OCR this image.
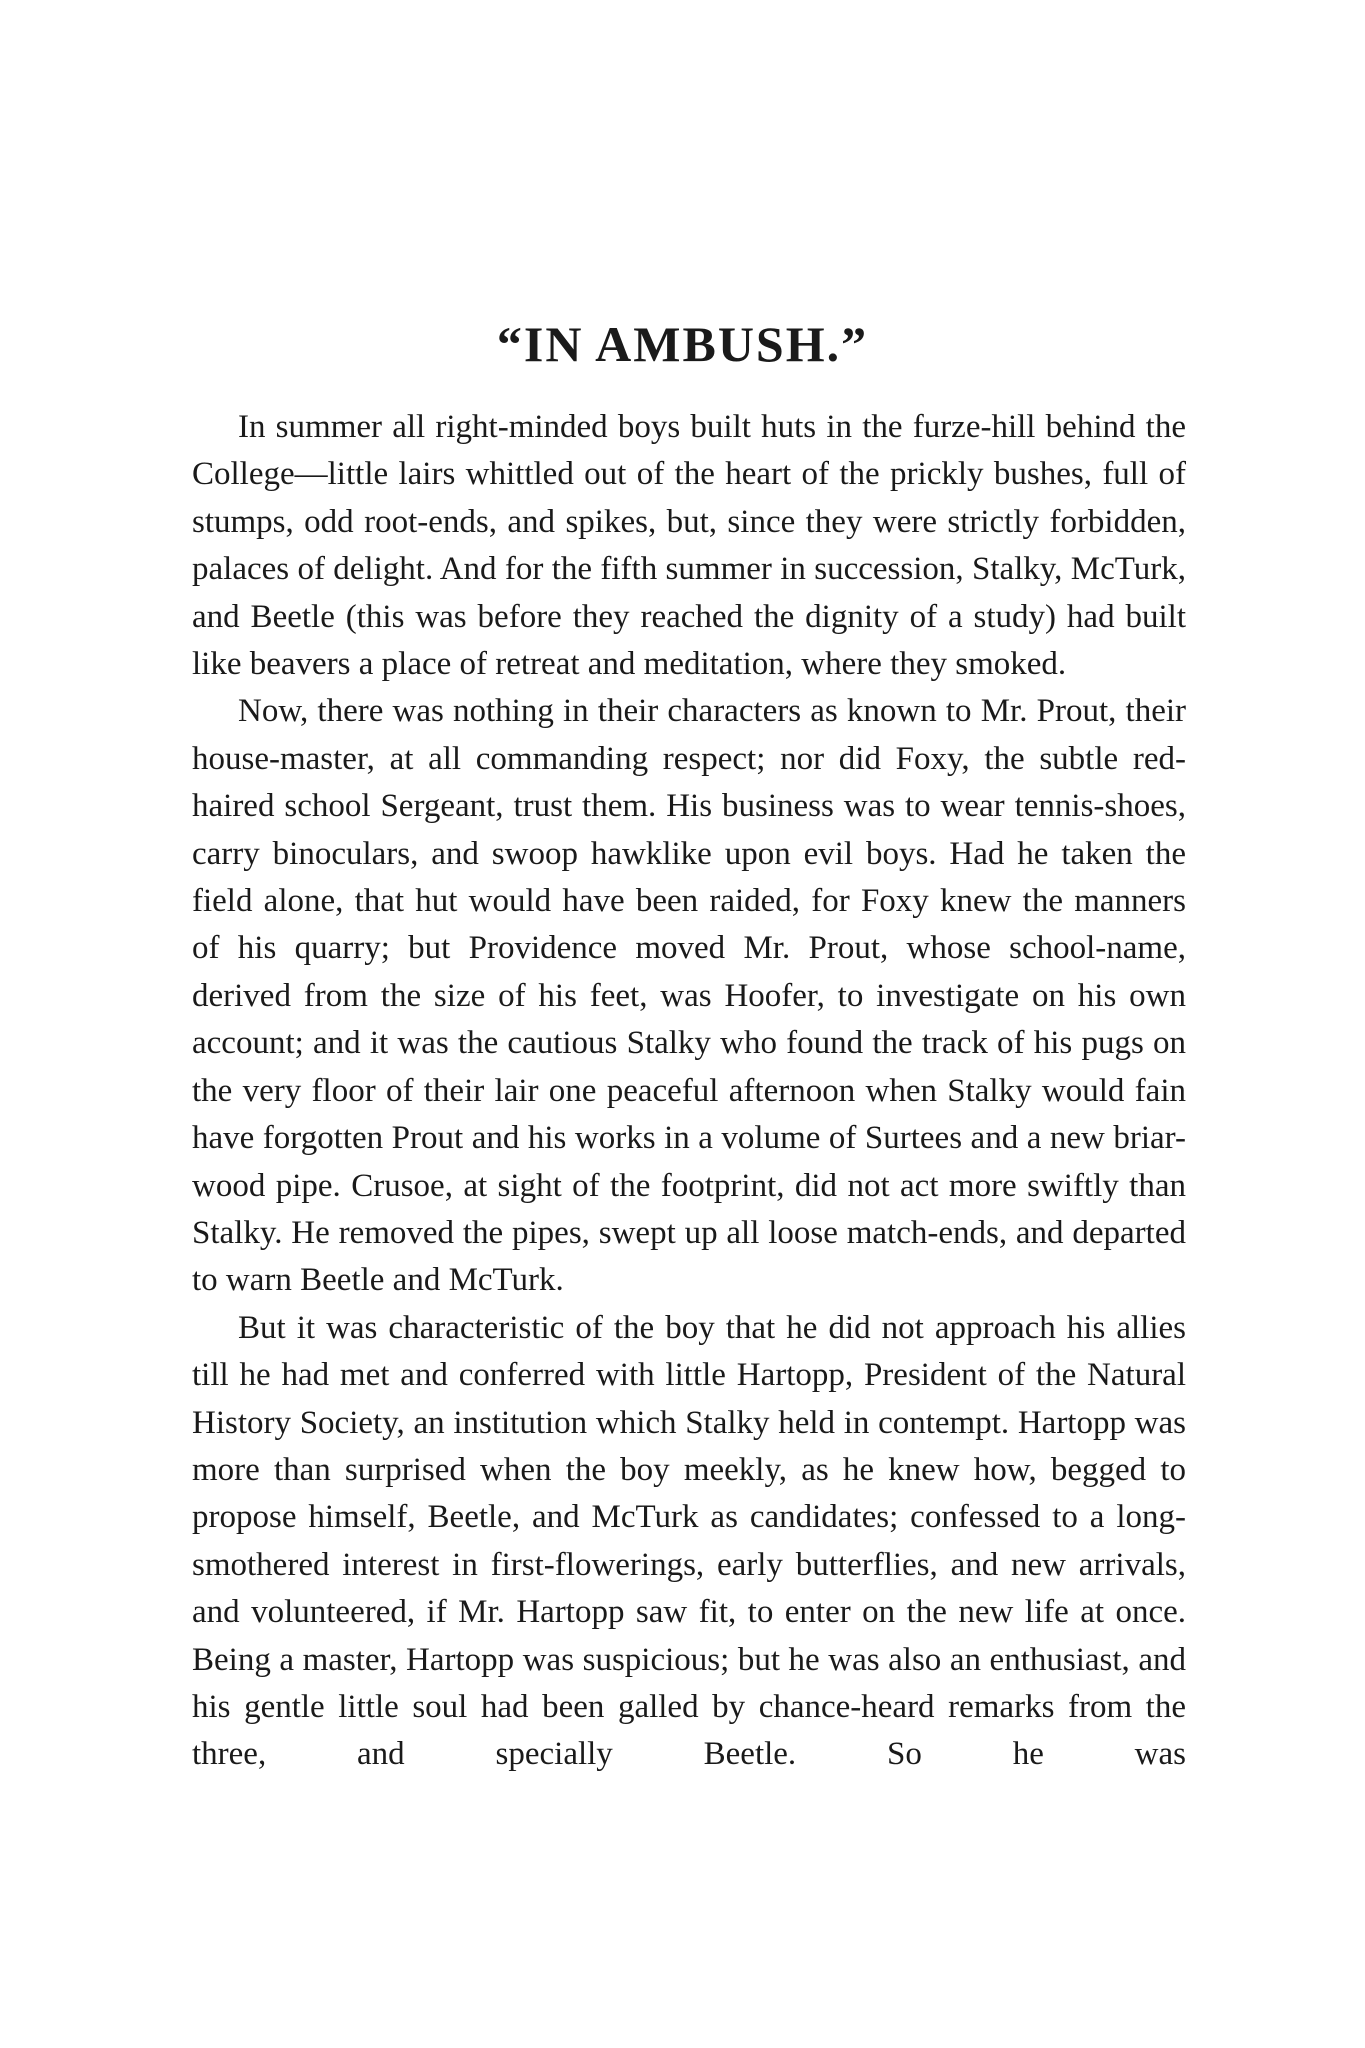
“IN AMBUSH.”

In summer all right-minded boys built huts in the furze-hill behind the College—little lairs whittled out of the heart of the prickly bushes, full of stumps, odd root-ends, and spikes, but, since they were strictly forbidden, palaces of delight. And for the fifth summer in succession, Stalky, McTurk, and Beetle (this was before they reached the dignity of a study) had built like beavers a place of retreat and meditation, where they smoked.

Now, there was nothing in their characters as known to Mr. Prout, their house-master, at all commanding respect; nor did Foxy, the subtle red-haired school Sergeant, trust them. His business was to wear tennis-shoes, carry binoculars, and swoop hawklike upon evil boys. Had he taken the field alone, that hut would have been raided, for Foxy knew the manners of his quarry; but Providence moved Mr. Prout, whose school-name, derived from the size of his feet, was Hoofer, to investigate on his own account; and it was the cautious Stalky who found the track of his pugs on the very floor of their lair one peaceful afternoon when Stalky would fain have forgotten Prout and his works in a volume of Surtees and a new briar-wood pipe. Crusoe, at sight of the footprint, did not act more swiftly than Stalky. He removed the pipes, swept up all loose match-ends, and departed to warn Beetle and McTurk.

But it was characteristic of the boy that he did not approach his allies till he had met and conferred with little Hartopp, President of the Natural History Society, an institution which Stalky held in contempt. Hartopp was more than surprised when the boy meekly, as he knew how, begged to propose himself, Beetle, and McTurk as candidates; confessed to a long-smothered interest in first-flowerings, early butterflies, and new arrivals, and volunteered, if Mr. Hartopp saw fit, to enter on the new life at once. Being a master, Hartopp was suspicious; but he was also an enthusiast, and his gentle little soul had been galled by chance-heard remarks from the three, and specially Beetle. So he was
